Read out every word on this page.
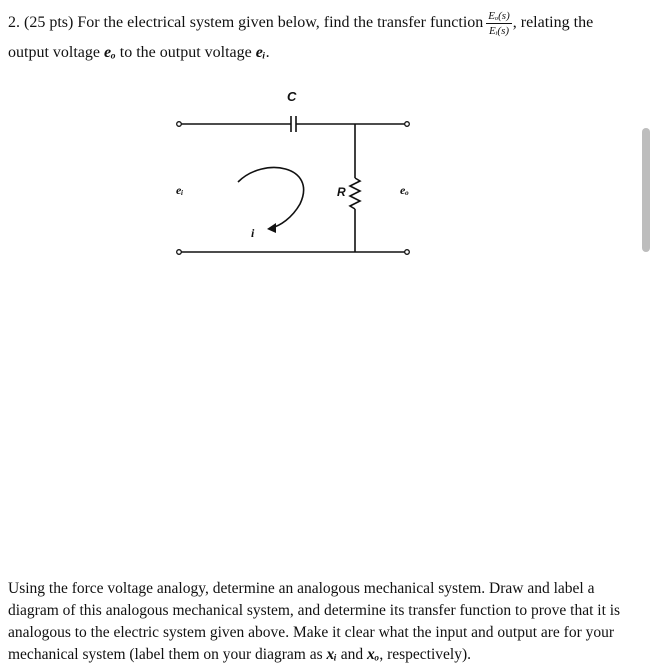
2. (25 pts) For the electrical system given below, find the transfer function $\frac{\text{Eₒ(s)}}{\text{Eᵢ(s)}}$ , relating the
output voltage eₒ to the output voltage eᵢ.
C
R
eᵢ	eₒ
i

Using the force voltage analogy, determine an analogous mechanical system. Draw and label a diagram of this analogous mechanical system, and determine its transfer function to prove that it is analogous to the electric system given above. Make it clear what the input and output are for your mechanical system (label them on your diagram as xᵢ and xₒ, respectively).
